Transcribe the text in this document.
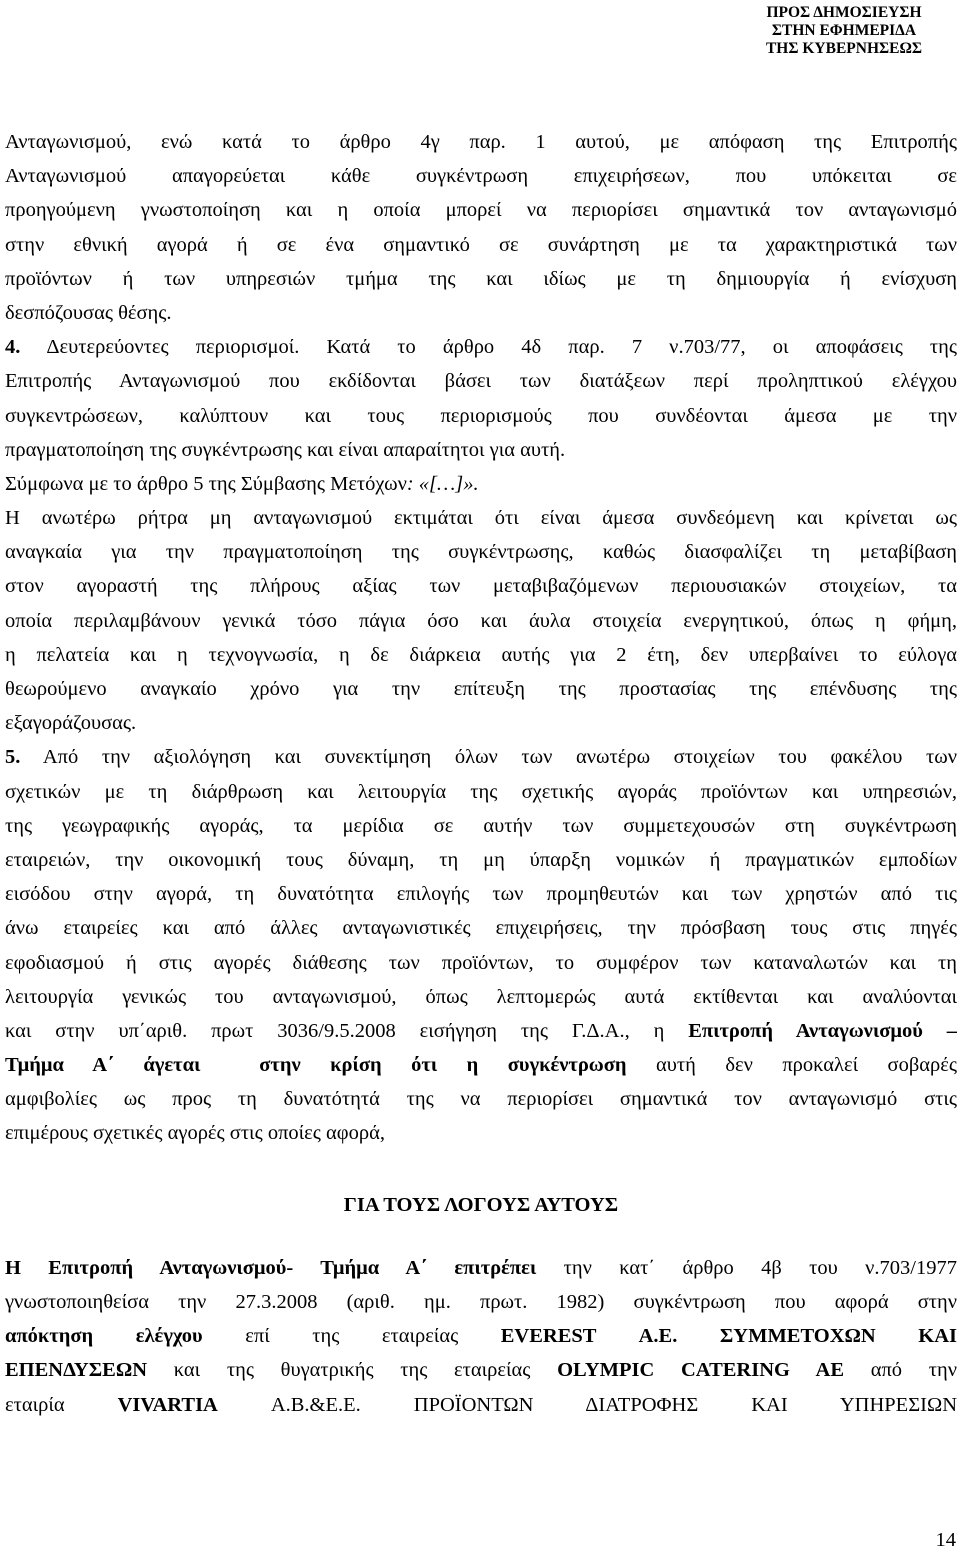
ΠΡΟΣ ΔΗΜΟΣΙΕΥΣΗ
ΣΤΗΝ ΕΦΗΜΕΡΙΔΑ
ΤΗΣ ΚΥΒΕΡΝΗΣΕΩΣ
Ανταγωνισμού, ενώ κατά το άρθρο 4γ παρ. 1 αυτού, με απόφαση της Επιτροπής
Ανταγωνισμού απαγορεύεται κάθε συγκέντρωση επιχειρήσεων, που υπόκειται σε
προηγούμενη γνωστοποίηση και η οποία μπορεί να περιορίσει σημαντικά τον ανταγωνισμό
στην εθνική αγορά ή σε ένα σημαντικό σε συνάρτηση με τα χαρακτηριστικά των
προϊόντων ή των υπηρεσιών τμήμα της και ιδίως με τη δημιουργία ή ενίσχυση
δεσπόζουσας θέσης.
4. Δευτερεύοντες περιορισμοί. Κατά το άρθρο 4δ παρ. 7 ν.703/77, οι αποφάσεις της
Επιτροπής Ανταγωνισμού που εκδίδονται βάσει των διατάξεων περί προληπτικού ελέγχου
συγκεντρώσεων, καλύπτουν και τους περιορισμούς που συνδέονται άμεσα με την
πραγματοποίηση της συγκέντρωσης και είναι απαραίτητοι για αυτή.
Σύμφωνα με το άρθρο 5 της Σύμβασης Μετόχων: «[…]».
Η ανωτέρω ρήτρα μη ανταγωνισμού εκτιμάται ότι είναι άμεσα συνδεόμενη και κρίνεται ως
αναγκαία για την πραγματοποίηση της συγκέντρωσης, καθώς διασφαλίζει τη μεταβίβαση
στον αγοραστή της πλήρους αξίας των μεταβιβαζόμενων περιουσιακών στοιχείων, τα
οποία περιλαμβάνουν γενικά τόσο πάγια όσο και άυλα στοιχεία ενεργητικού, όπως η φήμη,
η πελατεία και η τεχνογνωσία, η δε διάρκεια αυτής για 2 έτη, δεν υπερβαίνει το εύλογα
θεωρούμενο αναγκαίο χρόνο για την επίτευξη της προστασίας της επένδυσης της
εξαγοράζουσας.
5. Από την αξιολόγηση και συνεκτίμηση όλων των ανωτέρω στοιχείων του φακέλου των
σχετικών με τη διάρθρωση και λειτουργία της σχετικής αγοράς προϊόντων και υπηρεσιών,
της γεωγραφικής αγοράς, τα μερίδια σε αυτήν των συμμετεχουσών στη συγκέντρωση
εταιρειών, την οικονομική τους δύναμη, τη μη ύπαρξη νομικών ή πραγματικών εμποδίων
εισόδου στην αγορά, τη δυνατότητα επιλογής των προμηθευτών και των χρηστών από τις
άνω εταιρείες και από άλλες ανταγωνιστικές επιχειρήσεις, την πρόσβαση τους στις πηγές
εφοδιασμού ή στις αγορές διάθεσης των προϊόντων, το συμφέρον των καταναλωτών και τη
λειτουργία γενικώς του ανταγωνισμού, όπως λεπτομερώς αυτά εκτίθενται και αναλύονται
και στην υπ΄αριθ. πρωτ 3036/9.5.2008 εισήγηση της Γ.Δ.Α., η Επιτροπή Ανταγωνισμού –
Τμήμα Α΄ άγεται  στην κρίση ότι η συγκέντρωση αυτή δεν προκαλεί σοβαρές
αμφιβολίες ως προς τη δυνατότητά της να περιορίσει σημαντικά τον ανταγωνισμό στις
επιμέρους σχετικές αγορές στις οποίες αφορά,
ΓΙΑ ΤΟΥΣ ΛΟΓΟΥΣ ΑΥΤΟΥΣ
Η Επιτροπή Ανταγωνισμού- Τμήμα Α΄ επιτρέπει την κατ΄ άρθρο 4β του ν.703/1977
γνωστοποιηθείσα την 27.3.2008 (αριθ. ημ. πρωτ. 1982) συγκέντρωση που αφορά στην
απόκτηση ελέγχου επί της εταιρείας EVEREST Α.Ε. ΣΥΜΜΕΤΟΧΩΝ ΚΑΙ
ΕΠΕΝΔΥΣΕΩΝ και της θυγατρικής της εταιρείας OLYMPIC CATERING AE από την
εταιρία VIVARTIA Α.Β.&Ε.Ε. ΠΡΟΪΟΝΤΩΝ ΔΙΑΤΡΟΦΗΣ ΚΑΙ ΥΠΗΡΕΣΙΩΝ
14
